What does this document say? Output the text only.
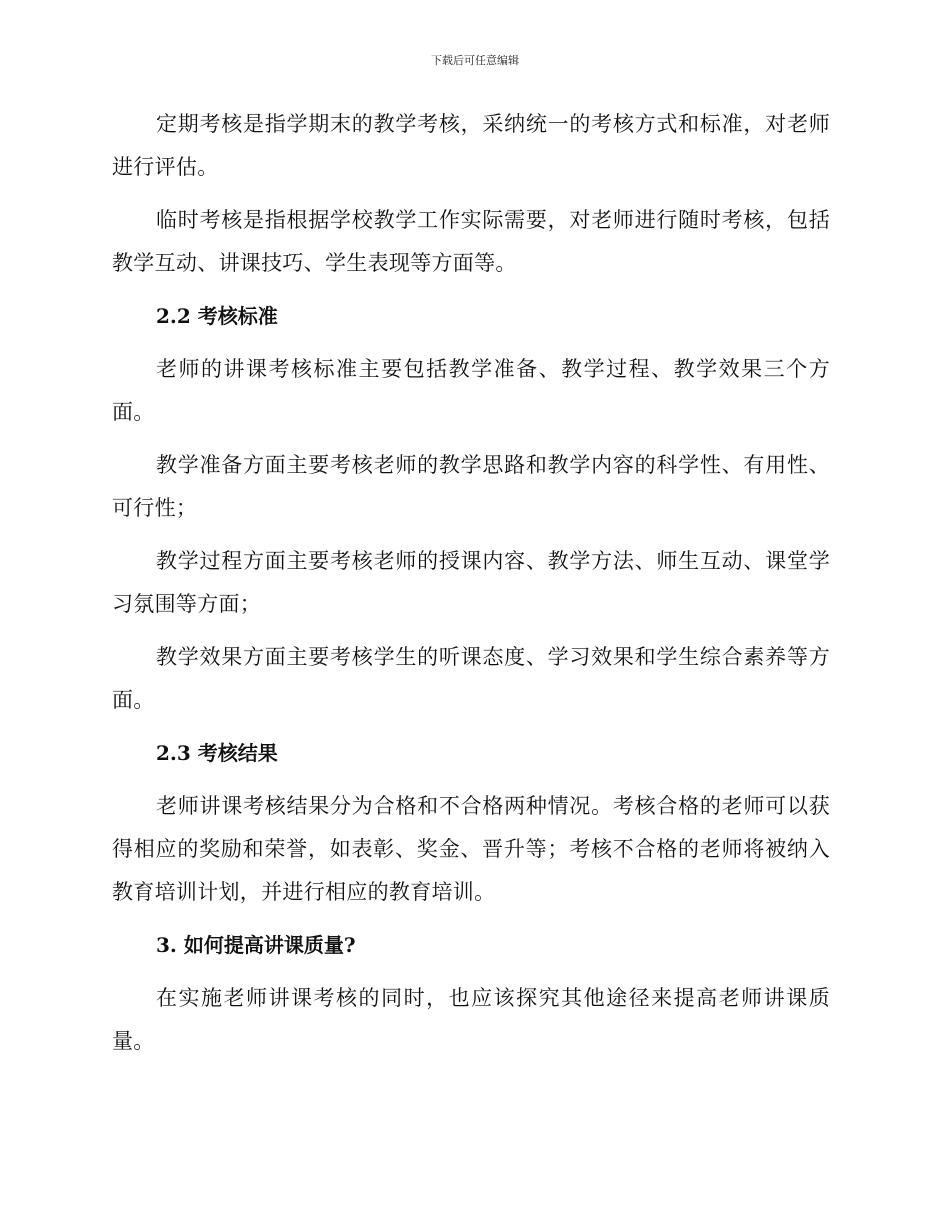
下载后可任意编辑

定期考核是指学期末的教学考核，采纳统一的考核方式和标准，对老师进行评估。

临时考核是指根据学校教学工作实际需要，对老师进行随时考核，包括教学互动、讲课技巧、学生表现等方面等。

2.2 考核标准

老师的讲课考核标准主要包括教学准备、教学过程、教学效果三个方面。

教学准备方面主要考核老师的教学思路和教学内容的科学性、有用性、可行性；

教学过程方面主要考核老师的授课内容、教学方法、师生互动、课堂学习氛围等方面；

教学效果方面主要考核学生的听课态度、学习效果和学生综合素养等方面。

2.3 考核结果

老师讲课考核结果分为合格和不合格两种情况。考核合格的老师可以获得相应的奖励和荣誉，如表彰、奖金、晋升等；考核不合格的老师将被纳入教育培训计划，并进行相应的教育培训。

3. 如何提高讲课质量?

在实施老师讲课考核的同时，也应该探究其他途径来提高老师讲课质量。
